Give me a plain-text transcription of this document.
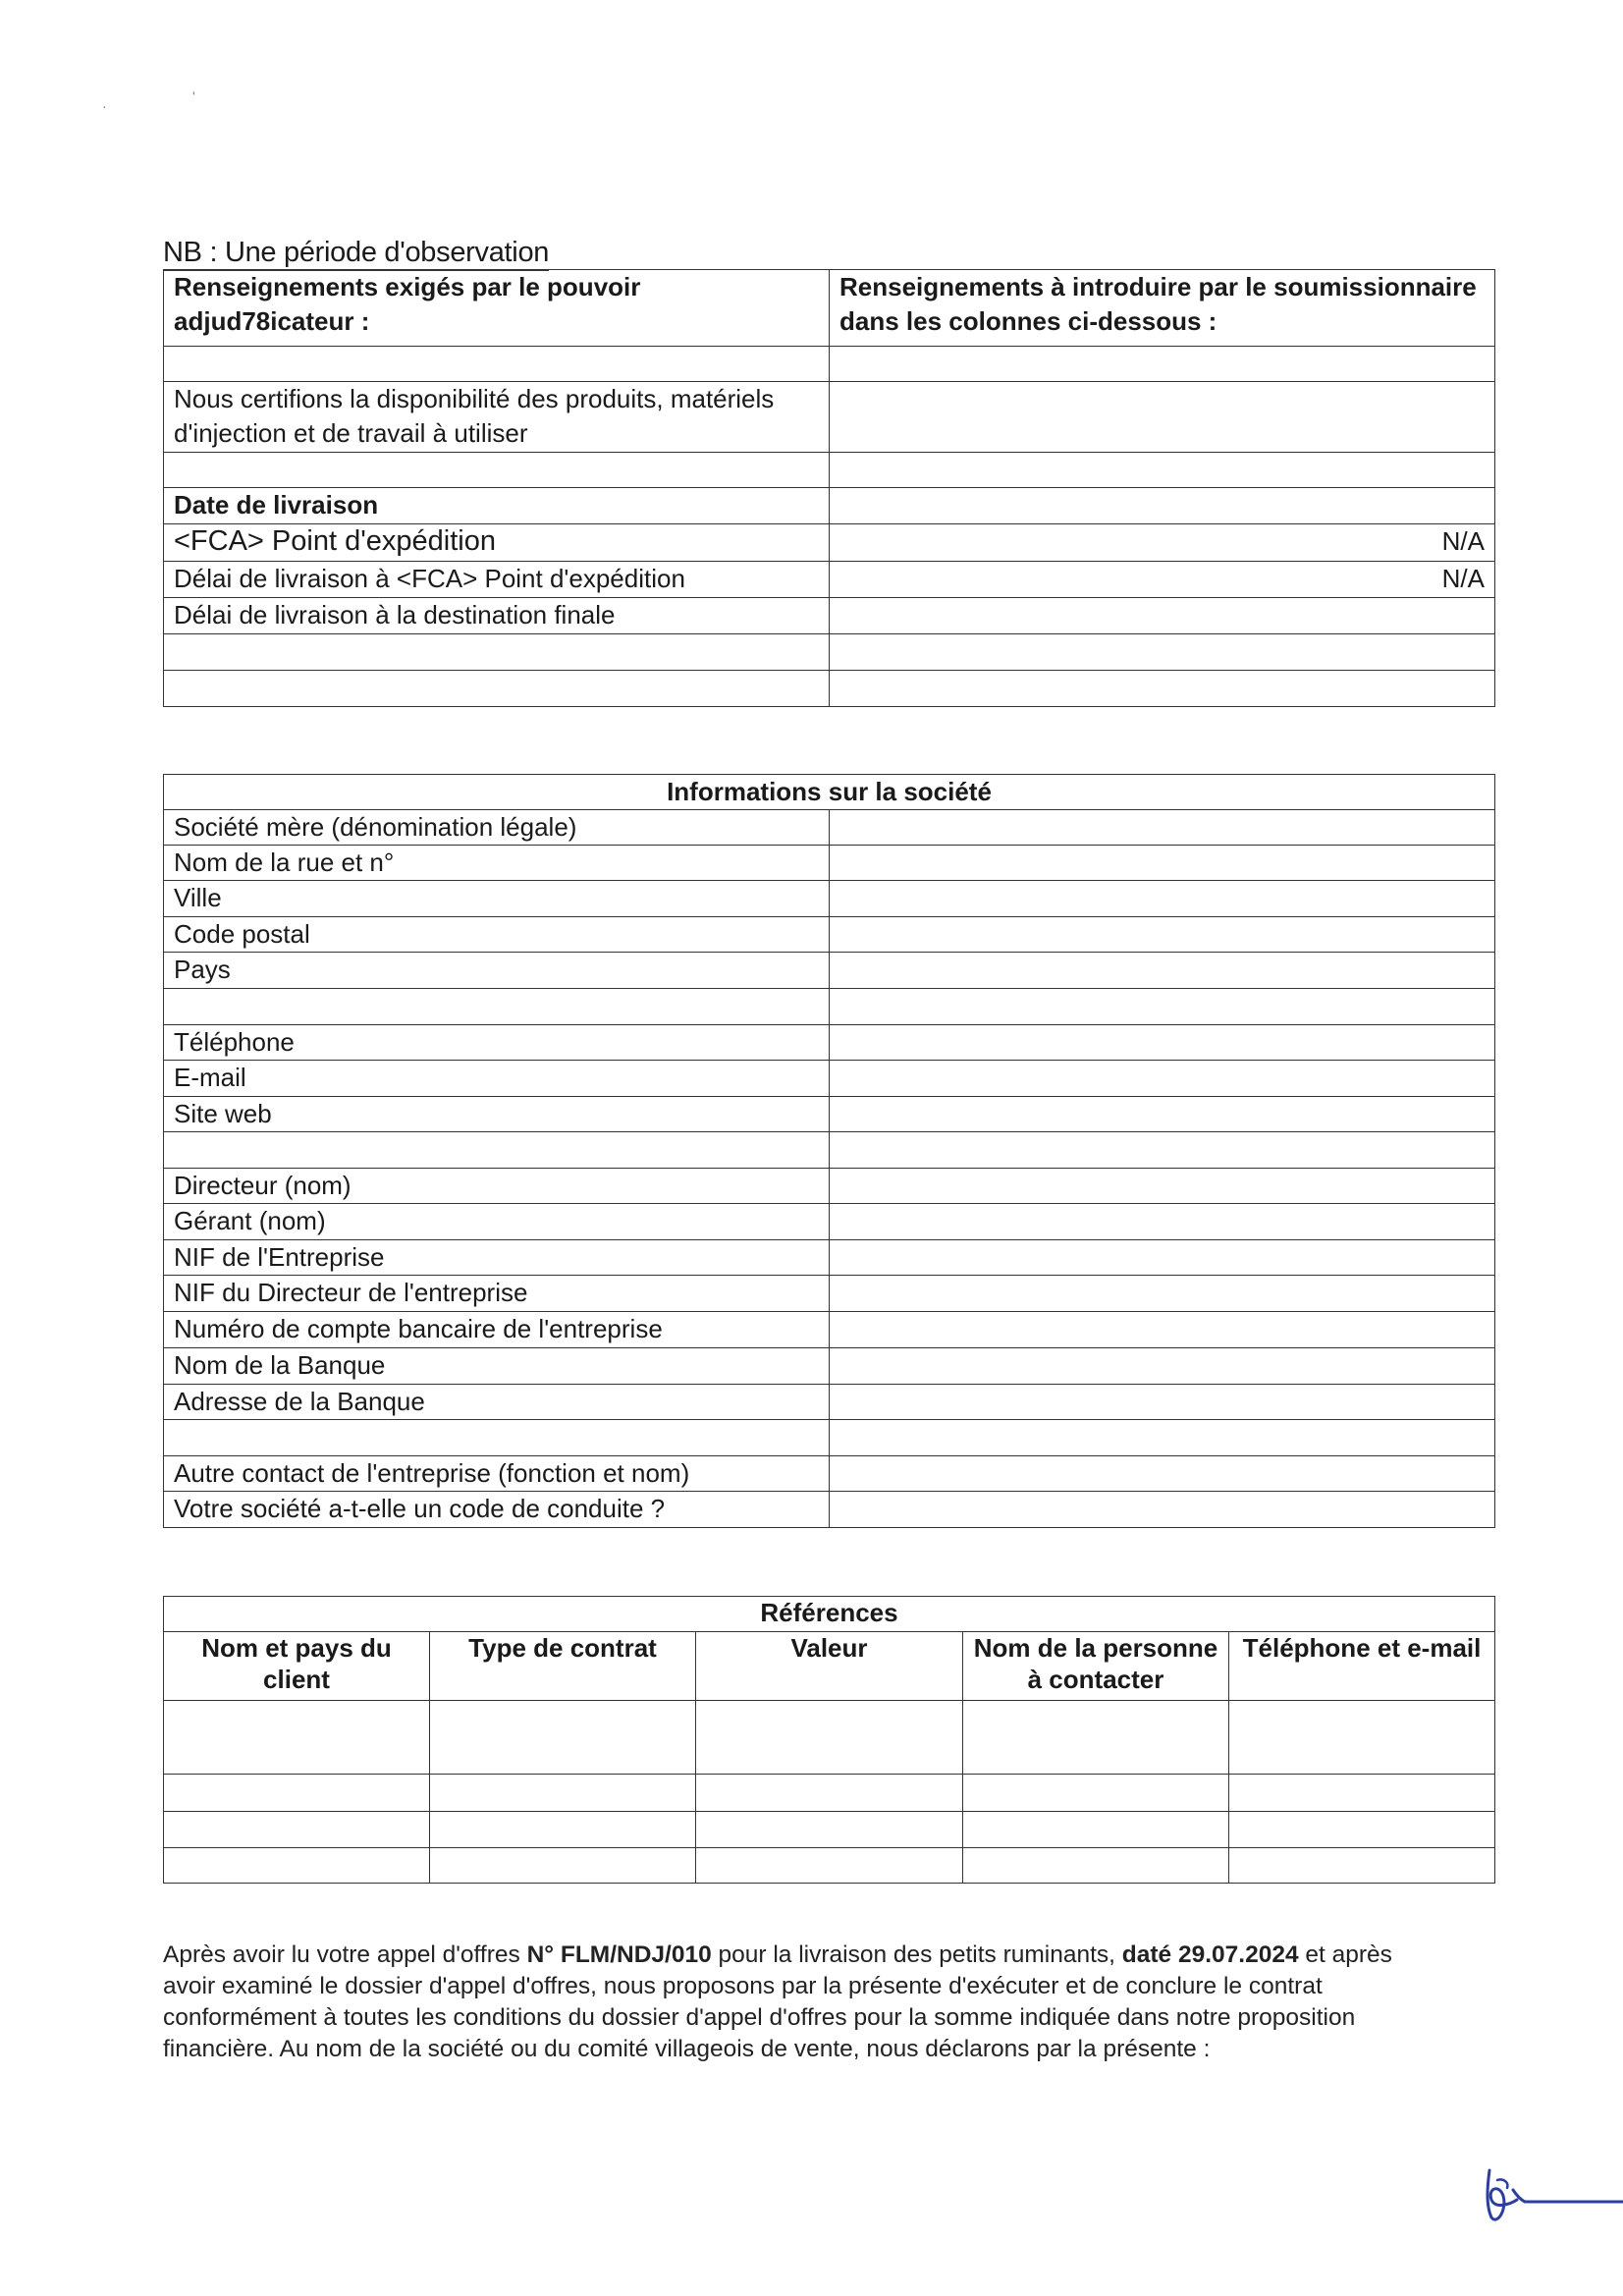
·
'
NB : Une période d'observation
Renseignements exigés par le pouvoir adjud78icateur :	Renseignements à introduire par le soumissionnaire dans les colonnes ci-dessous :

Nous certifions la disponibilité des produits, matériels d'injection et de travail à utiliser	

Date de livraison	
<FCA> Point d'expédition	N/A
Délai de livraison à <FCA> Point d'expédition	N/A
Délai de livraison à la destination finale	

Informations sur la société	
Société mère (dénomination légale)	
Nom de la rue et n°	
Ville	
Code postal	
Pays	

Téléphone	
E-mail	
Site web	

Directeur (nom)	
Gérant (nom)	
NIF de l'Entreprise	
NIF du Directeur de l'entreprise	
Numéro de compte bancaire de l'entreprise	
Nom de la Banque	
Adresse de la Banque	

Autre contact de l'entreprise (fonction et nom)	
Votre société a-t-elle un code de conduite ?	
Références				
Nom et pays du client	Type de contrat	Valeur	Nom de la personne à contacter	Téléphone et e-mail

Après avoir lu votre appel d'offres N° FLM/NDJ/010 pour la livraison des petits ruminants, daté 29.07.2024 et après avoir examiné le dossier d'appel d'offres, nous proposons par la présente d'exécuter et de conclure le contrat conformément à toutes les conditions du dossier d'appel d'offres pour la somme indiquée dans notre proposition financière. Au nom de la société ou du comité villageois de vente, nous déclarons par la présente :
